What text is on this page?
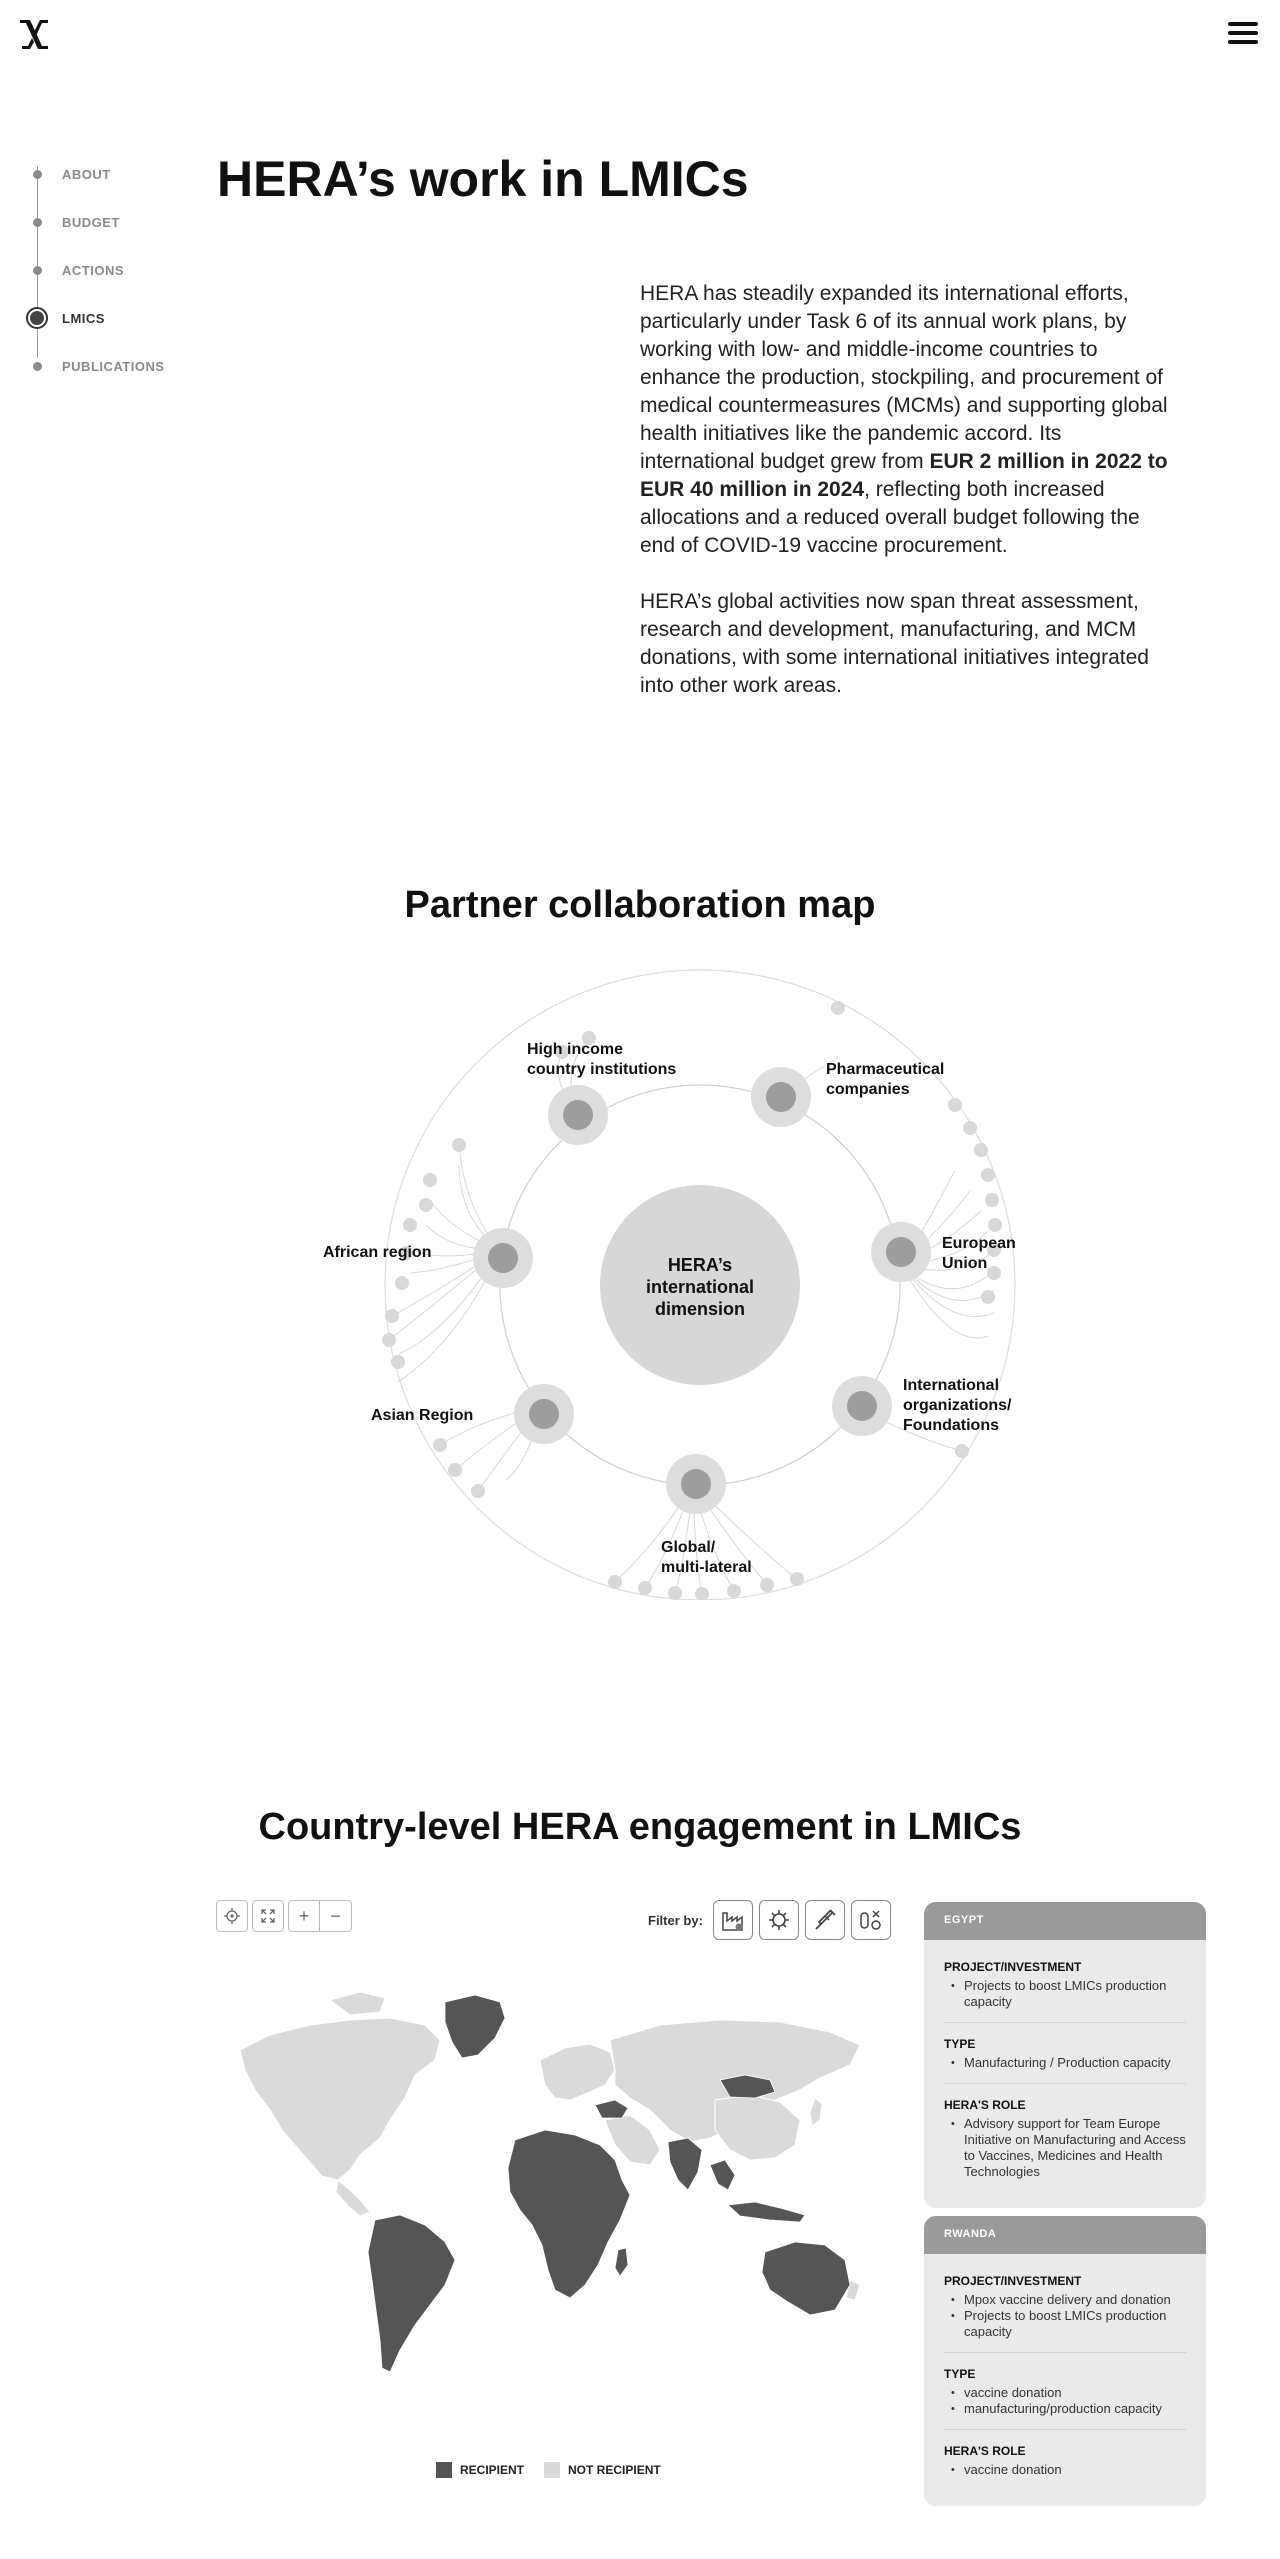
ABOUT
BUDGET
ACTIONS
LMICS
PUBLICATIONS
HERA’s work in LMICs

HERA has steadily expanded its international efforts, particularly under Task 6 of its annual work plans, by working with low- and middle-income countries to enhance the production, stockpiling, and procurement of medical countermeasures (MCMs) and supporting global health initiatives like the pandemic accord. Its international budget grew from EUR 2 million in 2022 to EUR 40 million in 2024, reflecting both increased allocations and a reduced overall budget following the end of COVID-19 vaccine procurement.

HERA’s global activities now span threat assessment, research and development, manufacturing, and MCM donations, with some international initiatives integrated into other work areas.

Partner collaboration map
HERA’s
international
dimension
High income
country institutions	Pharmaceutical
companies
European
Union
International
organizations/
Foundations
Global/
multi-lateral
Asian Region
African region
Country-level HERA engagement in LMICs
+	−	Filter by:
RECIPIENT	NOT RECIPIENT
EGYPT
PROJECT/INVESTMENT
• Projects to boost LMICs production capacity
TYPE
• Manufacturing / Production capacity
HERA'S ROLE
• Advisory support for Team Europe Initiative on Manufacturing and Access to Vaccines, Medicines and Health Technologies
RWANDA
PROJECT/INVESTMENT
• Mpox vaccine delivery and donation
• Projects to boost LMICs production capacity
TYPE
• vaccine donation
• manufacturing/production capacity
HERA'S ROLE
• vaccine donation
